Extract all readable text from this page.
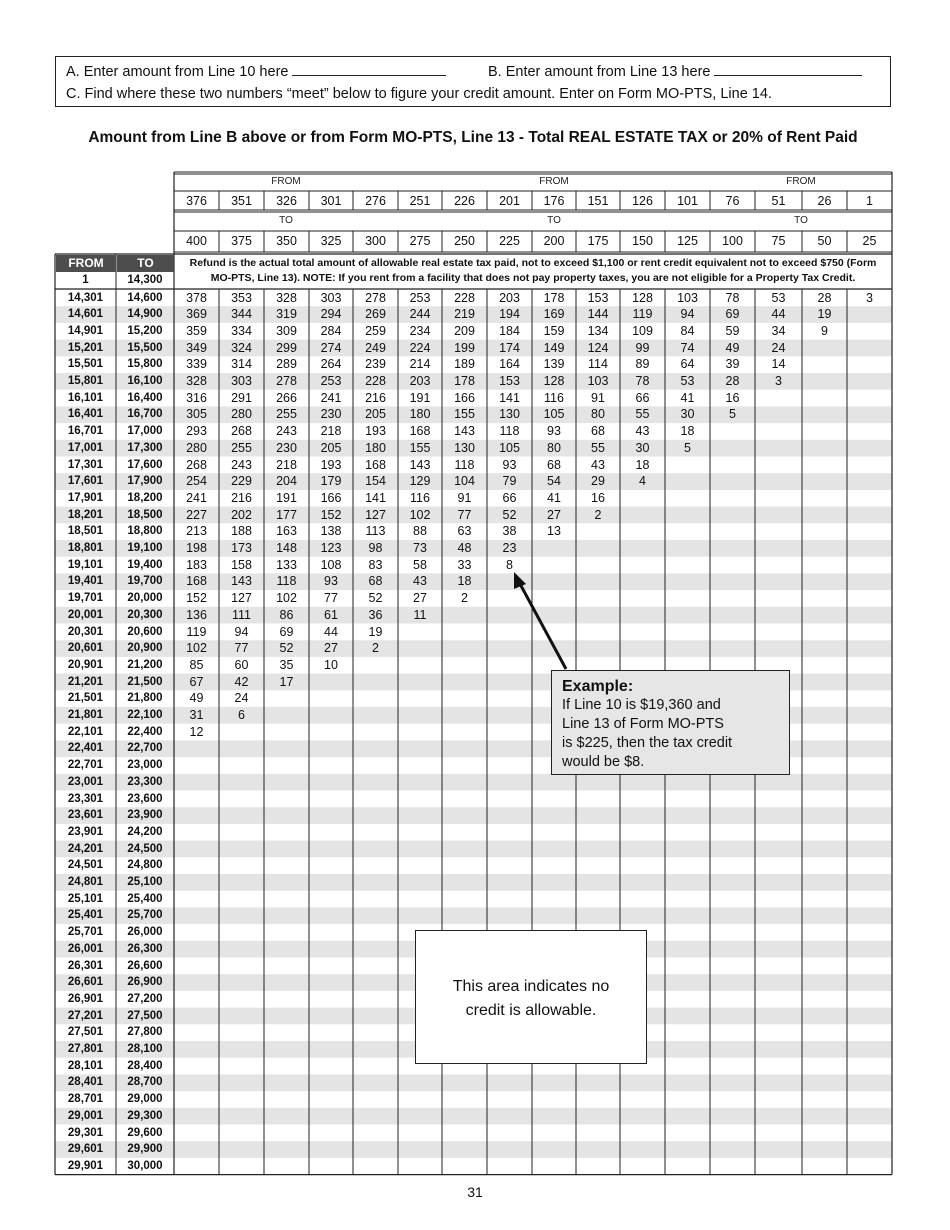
A. Enter amount from Line 10 here	B. Enter amount from Line 13 here
C. Find where these two numbers “meet” below to figure your credit amount. Enter on Form MO-PTS, Line 14.
Amount from Line B above or from Form MO-PTS, Line 13 - Total REAL ESTATE TAX or 20% of Rent Paid
FROM
TO
FROM
TO
FROM
TO
376	351	326	301	276	251	226	201	176	151	126	101	76	51	26	1
400	375	350	325	300	275	250	225	200	175	150	125	100	75	50	25
FROM	TO
1	14,300
Refund is the actual total amount of allowable real estate tax paid, not to exceed $1,100 or rent credit equivalent not to exceed $750 (Form
MO-PTS, Line 13). NOTE: If you rent from a facility that does not pay property taxes, you are not eligible for a Property Tax Credit.
14,301	14,600	378	353	328	303	278	253	228	203	178	153	128	103	78	53	28	3
14,601	14,900	369	344	319	294	269	244	219	194	169	144	119	94	69	44	19
14,901	15,200	359	334	309	284	259	234	209	184	159	134	109	84	59	34	9
15,201	15,500	349	324	299	274	249	224	199	174	149	124	99	74	49	24
15,501	15,800	339	314	289	264	239	214	189	164	139	114	89	64	39	14
15,801	16,100	328	303	278	253	228	203	178	153	128	103	78	53	28	3
16,101	16,400	316	291	266	241	216	191	166	141	116	91	66	41	16
16,401	16,700	305	280	255	230	205	180	155	130	105	80	55	30	5
16,701	17,000	293	268	243	218	193	168	143	118	93	68	43	18
17,001	17,300	280	255	230	205	180	155	130	105	80	55	30	5
17,301	17,600	268	243	218	193	168	143	118	93	68	43	18
17,601	17,900	254	229	204	179	154	129	104	79	54	29	4
17,901	18,200	241	216	191	166	141	116	91	66	41	16
18,201	18,500	227	202	177	152	127	102	77	52	27	2
18,501	18,800	213	188	163	138	113	88	63	38	13
18,801	19,100	198	173	148	123	98	73	48	23
19,101	19,400	183	158	133	108	83	58	33	8
19,401	19,700	168	143	118	93	68	43	18
19,701	20,000	152	127	102	77	52	27	2
20,001	20,300	136	111	86	61	36	11
20,301	20,600	119	94	69	44	19
20,601	20,900	102	77	52	27	2
20,901	21,200	85	60	35	10
21,201	21,500	67	42	17
21,501	21,800	49	24
21,801	22,100	31	6
22,101	22,400	12
22,401	22,700
22,701	23,000
23,001	23,300
23,301	23,600
23,601	23,900
23,901	24,200
24,201	24,500
24,501	24,800
24,801	25,100
25,101	25,400
25,401	25,700
25,701	26,000
26,001	26,300
26,301	26,600
26,601	26,900
26,901	27,200
27,201	27,500
27,501	27,800
27,801	28,100
28,101	28,400
28,401	28,700
28,701	29,000
29,001	29,300
29,301	29,600
29,601	29,900
29,901	30,000
Example:
If Line 10 is $19,360 and
Line 13 of Form MO-PTS
is $225, then the tax credit
would be $8.
This area indicates no
credit is allowable.
31
